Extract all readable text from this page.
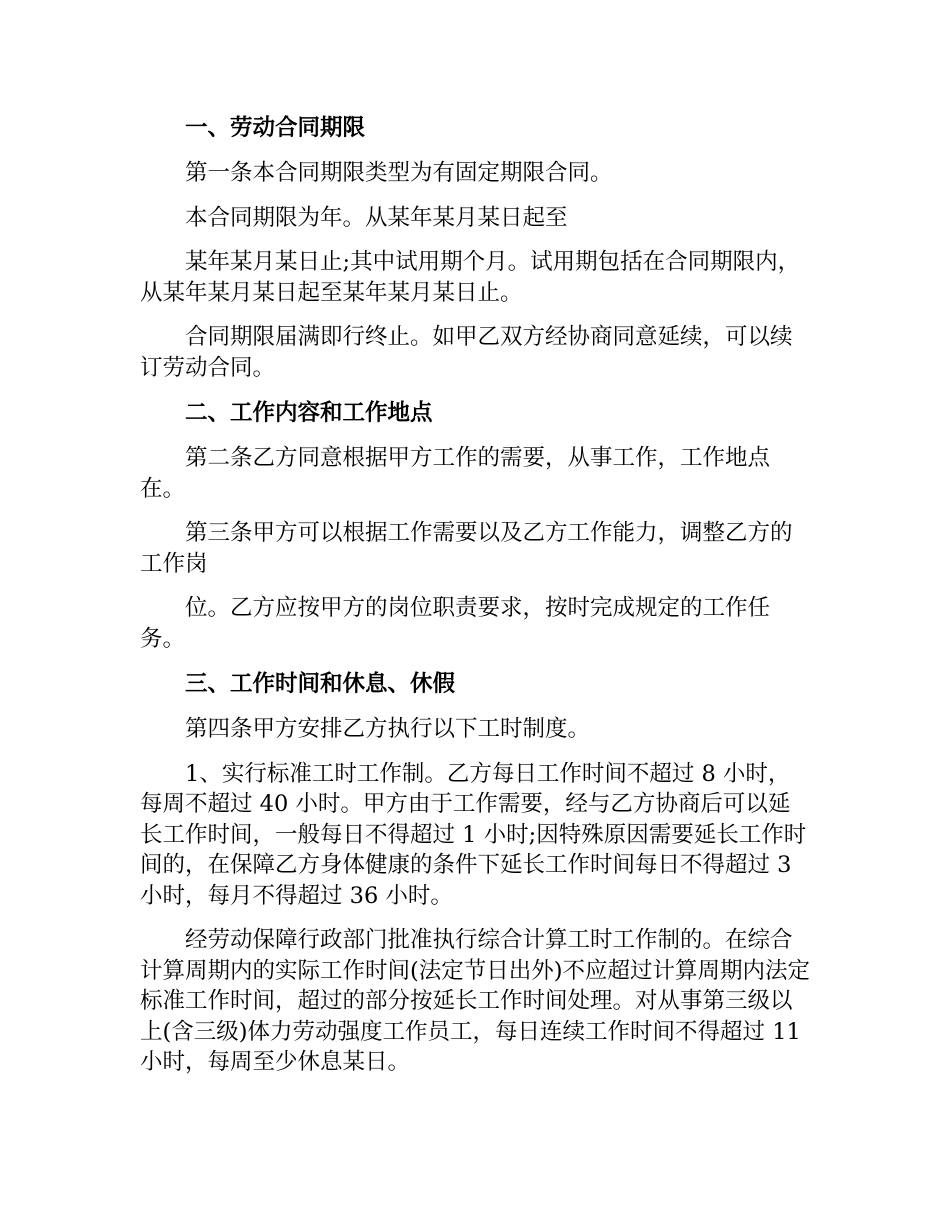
一、劳动合同期限

第一条本合同期限类型为有固定期限合同。

本合同期限为年。从某年某月某日起至

某年某月某日止;其中试用期个月。试用期包括在合同期限内，从某年某月某日起至某年某月某日止。

合同期限届满即行终止。如甲乙双方经协商同意延续，可以续订劳动合同。

二、工作内容和工作地点

第二条乙方同意根据甲方工作的需要，从事工作，工作地点在。

第三条甲方可以根据工作需要以及乙方工作能力，调整乙方的工作岗

位。乙方应按甲方的岗位职责要求，按时完成规定的工作任务。

三、工作时间和休息、休假

第四条甲方安排乙方执行以下工时制度。

1、实行标准工时工作制。乙方每日工作时间不超过 8 小时，每周不超过 40 小时。甲方由于工作需要，经与乙方协商后可以延长工作时间，一般每日不得超过 1 小时;因特殊原因需要延长工作时间的，在保障乙方身体健康的条件下延长工作时间每日不得超过 3 小时，每月不得超过 36 小时。

经劳动保障行政部门批准执行综合计算工时工作制的。在综合计算周期内的实际工作时间(法定节日出外)不应超过计算周期内法定标准工作时间，超过的部分按延长工作时间处理。对从事第三级以上(含三级)体力劳动强度工作员工，每日连续工作时间不得超过 11 小时，每周至少休息某日。
